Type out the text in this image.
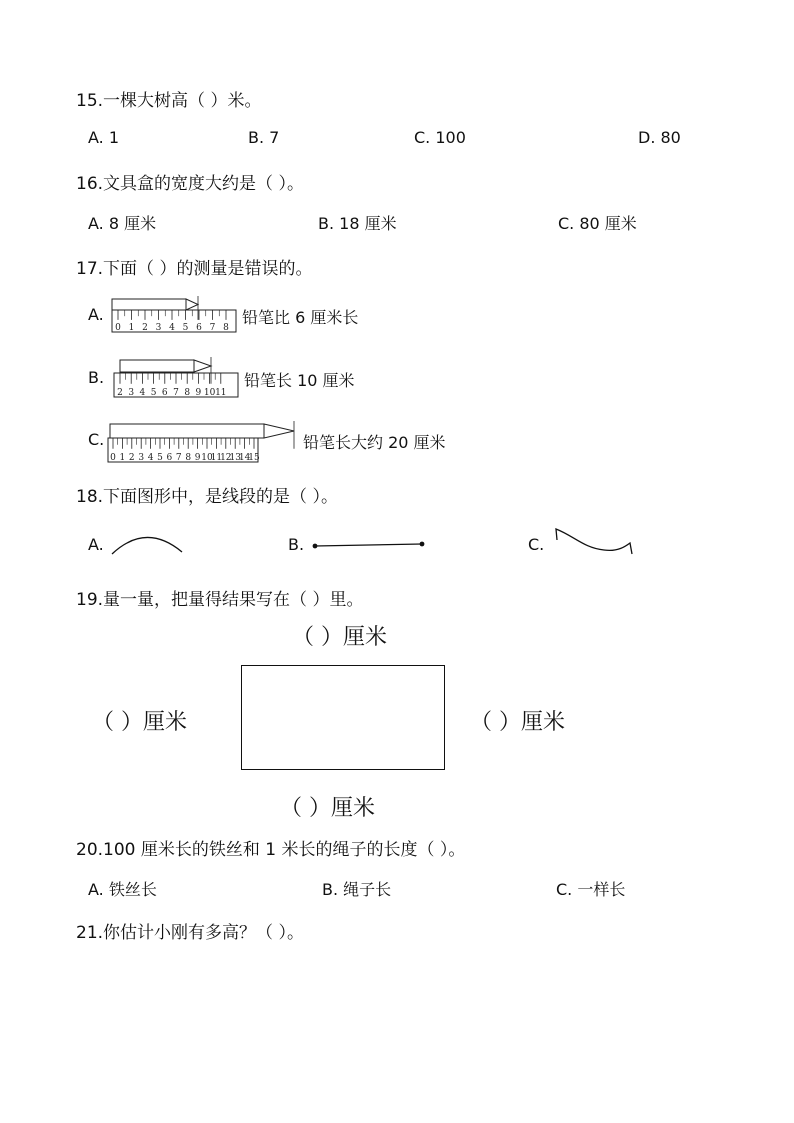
15.一棵大树高（ ）米。
A. 1	B. 7	C. 100	D. 80
16.文具盒的宽度大约是（ ）。
A. 8 厘米	B. 18 厘米	C. 80 厘米
17.下面（ ）的测量是错误的。
A.
0 1 2 3 4 5 6 7 8
铅笔比 6 厘米长
B.
2 3 4 5 6 7 8 9 10 11
铅笔长 10 厘米
C.
0 1 2 3 4 5 6 7 8 9 10
11
12
13
14
15
铅笔长大约 20 厘米
18.下面图形中，是线段的是（ ）。
A.	B.	C.
19.量一量，把量得结果写在（ ）里。
（ ）厘米
（ ）厘米	（ ）厘米
（ ）厘米
20.100 厘米长的铁丝和 1 米长的绳子的长度（ ）。
A. 铁丝长	B. 绳子长	C. 一样长
21.你估计小刚有多高？（ ）。
